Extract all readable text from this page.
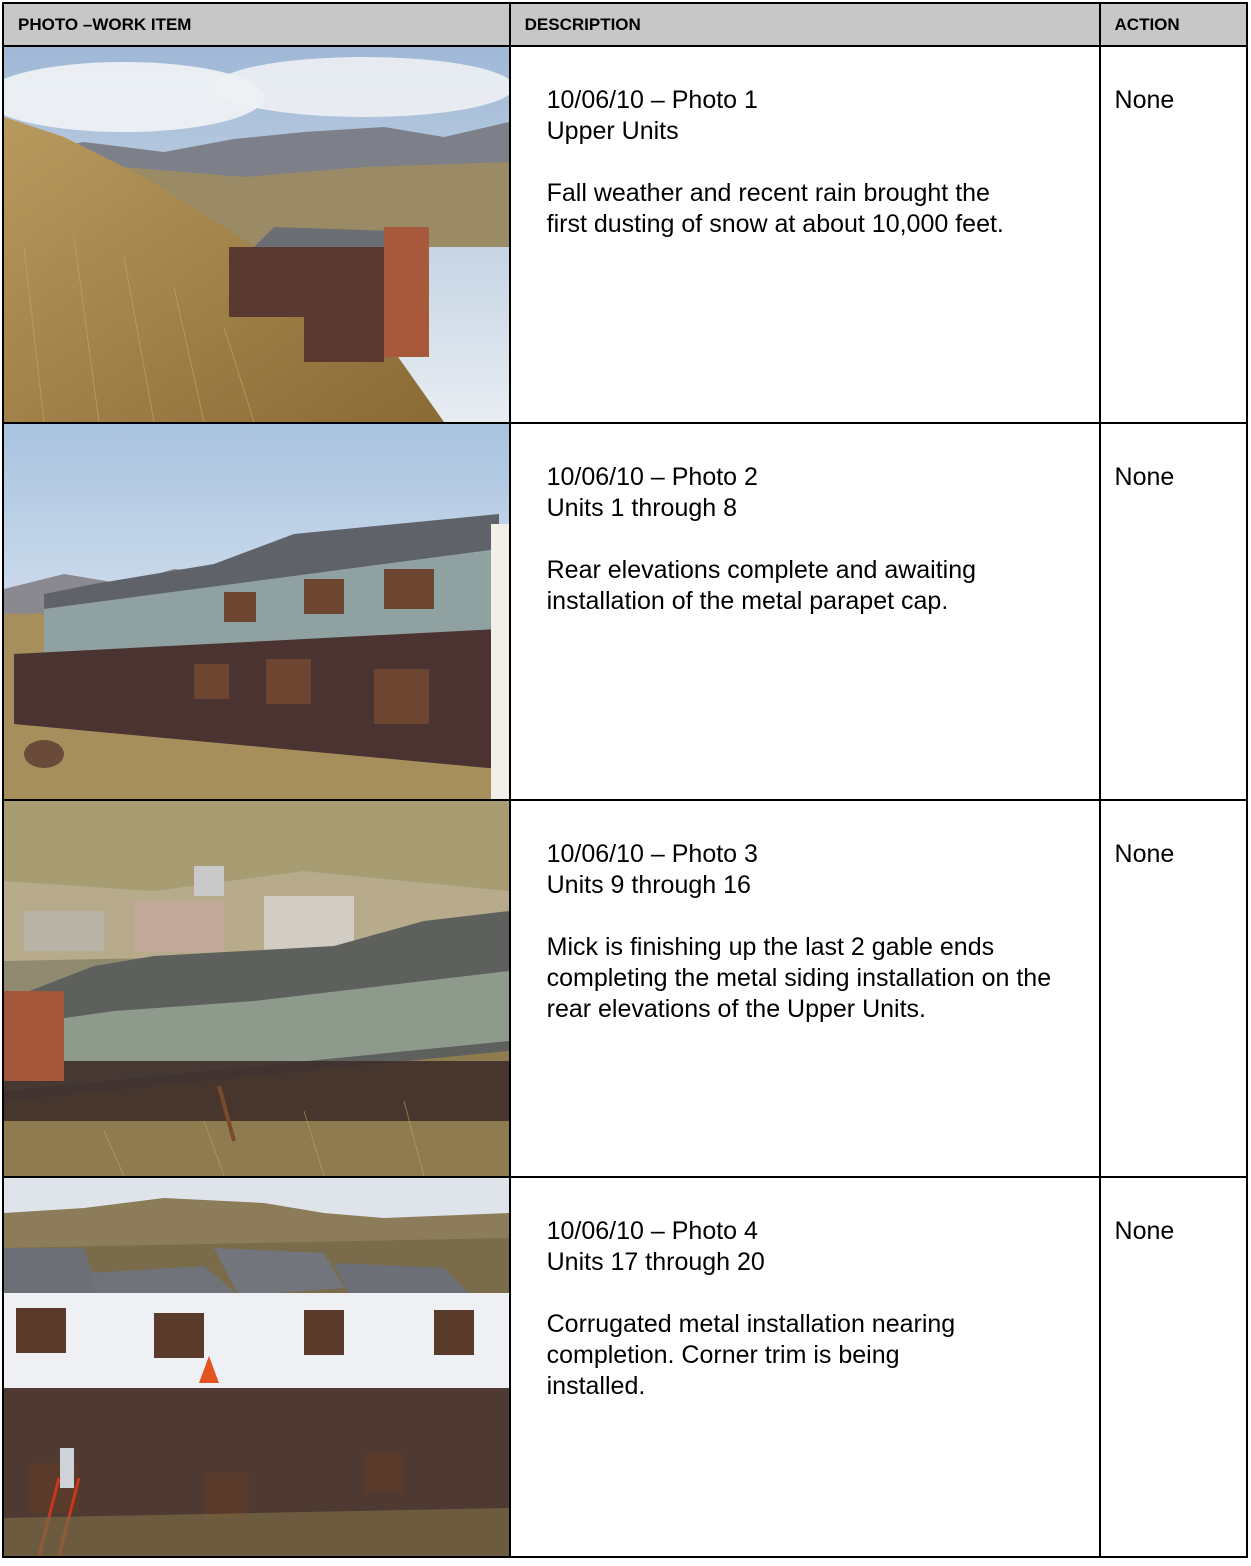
PHOTO –WORK ITEM	DESCRIPTION	ACTION

10/06/10 – Photo 1
Upper Units
Fall weather and recent rain brought the first dusting of snow at about 10,000 feet.	None

10/06/10 – Photo 2
Units 1 through 8
Rear elevations complete and awaiting installation of the metal parapet cap.	None

10/06/10 – Photo 3
Units 9 through 16
Mick is finishing up the last 2 gable ends completing the metal siding installation on the rear elevations of the Upper Units.	None

10/06/10 – Photo 4
Units 17 through 20
Corrugated metal installation nearing completion. Corner trim is being installed.	None
